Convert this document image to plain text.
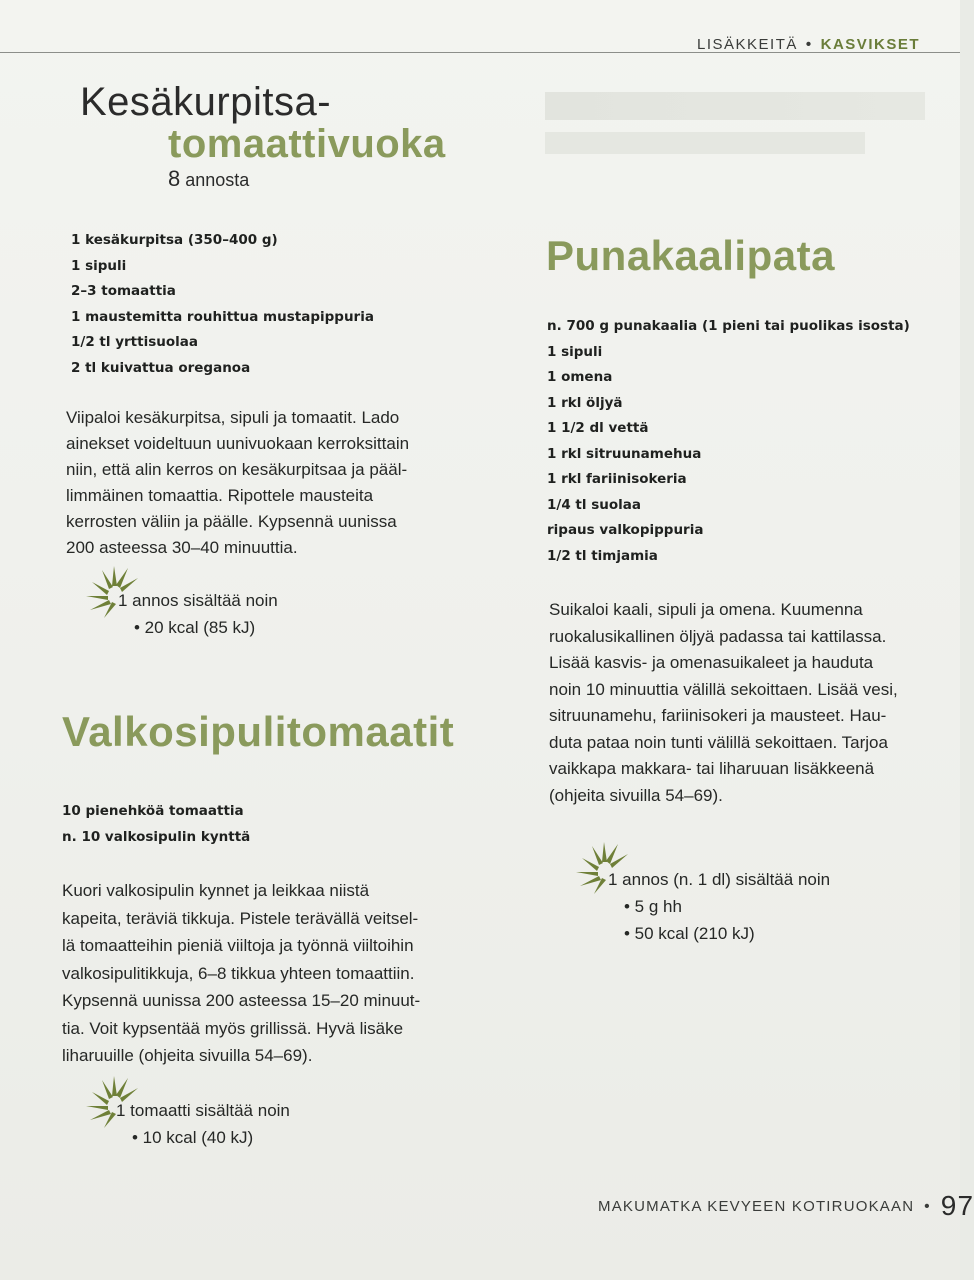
LISÄKKEITÄ • KASVIKSET
Kesäkurpitsa-
tomaattivuoka
8 annosta
1 kesäkurpitsa (350–400 g)
1 sipuli
2–3 tomaattia
1 maustemitta rouhittua mustapippuria
1/2 tl yrttisuolaa
2 tl kuivattua oreganoa

Viipaloi kesäkurpitsa, sipuli ja tomaatit. Lado
ainekset voideltuun uunivuokaan kerroksittain
niin, että alin kerros on kesäkurpitsaa ja pääl-
limmäinen tomaattia. Ripottele mausteita
kerrosten väliin ja päälle. Kypsennä uunissa
200 asteessa 30–40 minuuttia.

1 annos sisältää noin
• 20 kcal (85 kJ)
Valkosipulitomaatit
10 pienehköä tomaattia
n. 10 valkosipulin kynttä

Kuori valkosipulin kynnet ja leikkaa niistä
kapeita, teräviä tikkuja. Pistele terävällä veitsel-
lä tomaatteihin pieniä viiltoja ja työnnä viiltoihin
valkosipulitikkuja, 6–8 tikkua yhteen tomaattiin.
Kypsennä uunissa 200 asteessa 15–20 minuut-
tia. Voit kypsentää myös grillissä. Hyvä lisäke
liharuuille (ohjeita sivuilla 54–69).

1 tomaatti sisältää noin
• 10 kcal (40 kJ)
Punakaalipata
n. 700 g punakaalia (1 pieni tai puolikas isosta)
1 sipuli
1 omena
1 rkl öljyä
1 1/2 dl vettä
1 rkl sitruunamehua
1 rkl fariinisokeria
1/4 tl suolaa
ripaus valkopippuria
1/2 tl timjamia

Suikaloi kaali, sipuli ja omena. Kuumenna
ruokalusikallinen öljyä padassa tai kattilassa.
Lisää kasvis- ja omenasuikaleet ja hauduta
noin 10 minuuttia välillä sekoittaen. Lisää vesi,
sitruunamehu, fariinisokeri ja mausteet. Hau-
duta pataa noin tunti välillä sekoittaen. Tarjoa
vaikkapa makkara- tai liharuuan lisäkkeenä
(ohjeita sivuilla 54–69).

1 annos (n. 1 dl) sisältää noin
• 5 g hh
• 50 kcal (210 kJ)
MAKUMATKA KEVYEEN KOTIRUOKAAN • 97
